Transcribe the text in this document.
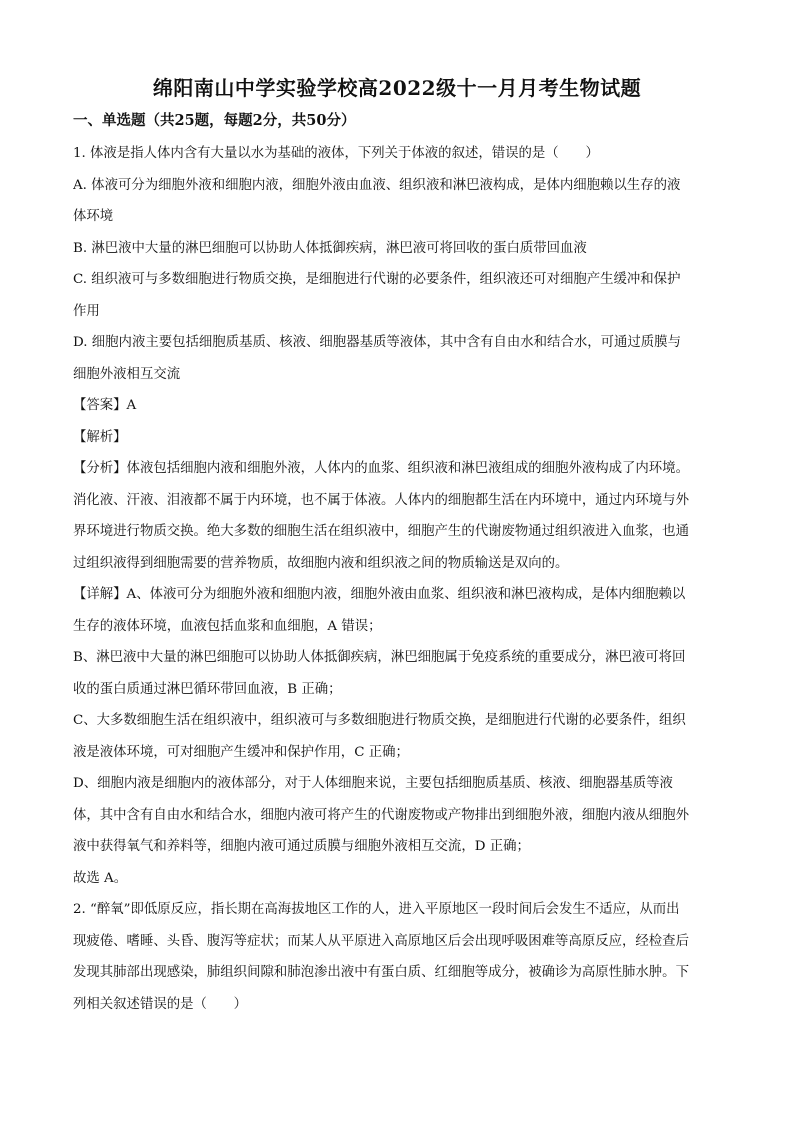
绵阳南山中学实验学校高2022级十一月月考生物试题
一、单选题（共25题，每题2分，共50分）
1. 体液是指人体内含有大量以水为基础的液体，下列关于体液的叙述，错误的是（　　）
A. 体液可分为细胞外液和细胞内液，细胞外液由血液、组织液和淋巴液构成，是体内细胞赖以生存的液
体环境
B. 淋巴液中大量的淋巴细胞可以协助人体抵御疾病，淋巴液可将回收的蛋白质带回血液
C. 组织液可与多数细胞进行物质交换，是细胞进行代谢的必要条件，组织液还可对细胞产生缓冲和保护
作用
D. 细胞内液主要包括细胞质基质、核液、细胞器基质等液体，其中含有自由水和结合水，可通过质膜与
细胞外液相互交流
【答案】A
【解析】
【分析】体液包括细胞内液和细胞外液，人体内的血浆、组织液和淋巴液组成的细胞外液构成了内环境。
消化液、汗液、泪液都不属于内环境，也不属于体液。人体内的细胞都生活在内环境中，通过内环境与外
界环境进行物质交换。绝大多数的细胞生活在组织液中，细胞产生的代谢废物通过组织液进入血浆，也通
过组织液得到细胞需要的营养物质，故细胞内液和组织液之间的物质输送是双向的。
【详解】A、体液可分为细胞外液和细胞内液，细胞外液由血浆、组织液和淋巴液构成，是体内细胞赖以
生存的液体环境，血液包括血浆和血细胞，A 错误；
B、淋巴液中大量的淋巴细胞可以协助人体抵御疾病，淋巴细胞属于免疫系统的重要成分，淋巴液可将回
收的蛋白质通过淋巴循环带回血液，B 正确；
C、大多数细胞生活在组织液中，组织液可与多数细胞进行物质交换，是细胞进行代谢的必要条件，组织
液是液体环境，可对细胞产生缓冲和保护作用，C 正确；
D、细胞内液是细胞内的液体部分，对于人体细胞来说，主要包括细胞质基质、核液、细胞器基质等液
体，其中含有自由水和结合水，细胞内液可将产生的代谢废物或产物排出到细胞外液，细胞内液从细胞外
液中获得氧气和养料等，细胞内液可通过质膜与细胞外液相互交流，D 正确；
故选 A。
2. “醉氧”即低原反应，指长期在高海拔地区工作的人，进入平原地区一段时间后会发生不适应，从而出
现疲倦、嗜睡、头昏、腹泻等症状；而某人从平原进入高原地区后会出现呼吸困难等高原反应，经检查后
发现其肺部出现感染，肺组织间隙和肺泡渗出液中有蛋白质、红细胞等成分，被确诊为高原性肺水肿。下
列相关叙述错误的是（　　）
